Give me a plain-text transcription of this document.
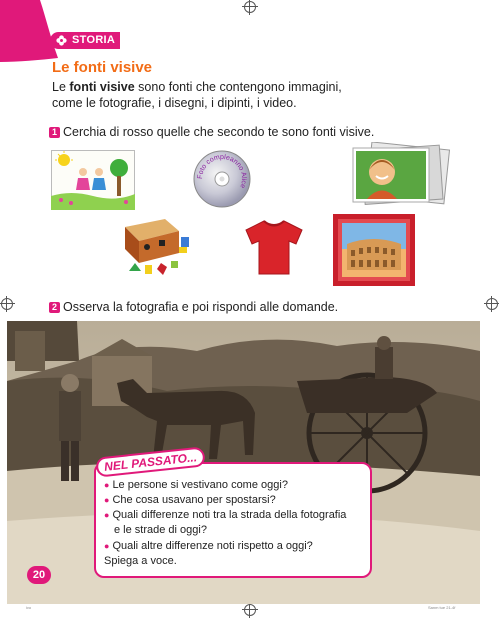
STORIA
Le fonti visive
Le fonti visive sono fonti che contengono immagini,
come le fotografie, i disegni, i dipinti, i video.
1 Cerchia di rosso quelle che secondo te sono fonti visive.
Foto compleanno Alice
2 Osserva la fotografia e poi rispondi alle domande.
● Le persone si vestivano come oggi?
● Che cosa usavano per spostarsi?
● Quali differenze noti tra la strada della fotografia
e le strade di oggi?
● Quali altre differenze noti rispetto a oggi?
Spiega a voce.
NEL PASSATO...
20
ivo	Sanm tue 21-4f
